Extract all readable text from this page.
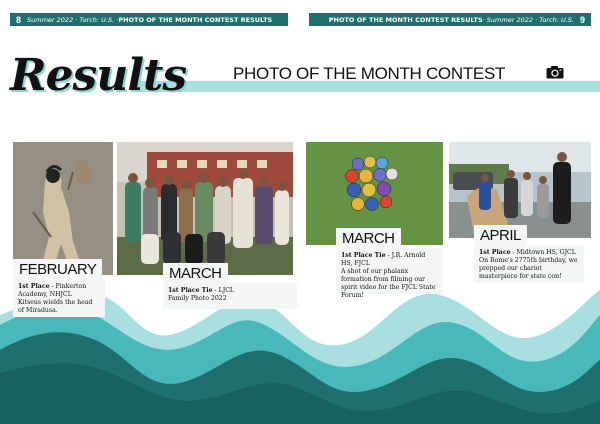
8 Summer 2022 · Torch: U.S. · PHOTO OF THE MONTH CONTEST RESULTS	PHOTO OF THE MONTH CONTEST RESULTS · Summer 2022 · Torch: U.S. 9
Results	PHOTO OF THE MONTH CONTEST
FEBRUARY
1st Place - Pinkerton Academy, NHJCL
Kitseus wields the head of Miradusa.
MARCH
1st Place Tie - LJCL
Family Photo 2022
MARCH
1st Place Tie - J.R. Arnold HS, FJCL
A shot of our phalanx formation from filming our spirit video for the FJCL State Forum!
APRIL
1st Place - Midtown HS, GJCL
On Rome's 2775th birthday, we prepped our chariot masterpiece for state con!
